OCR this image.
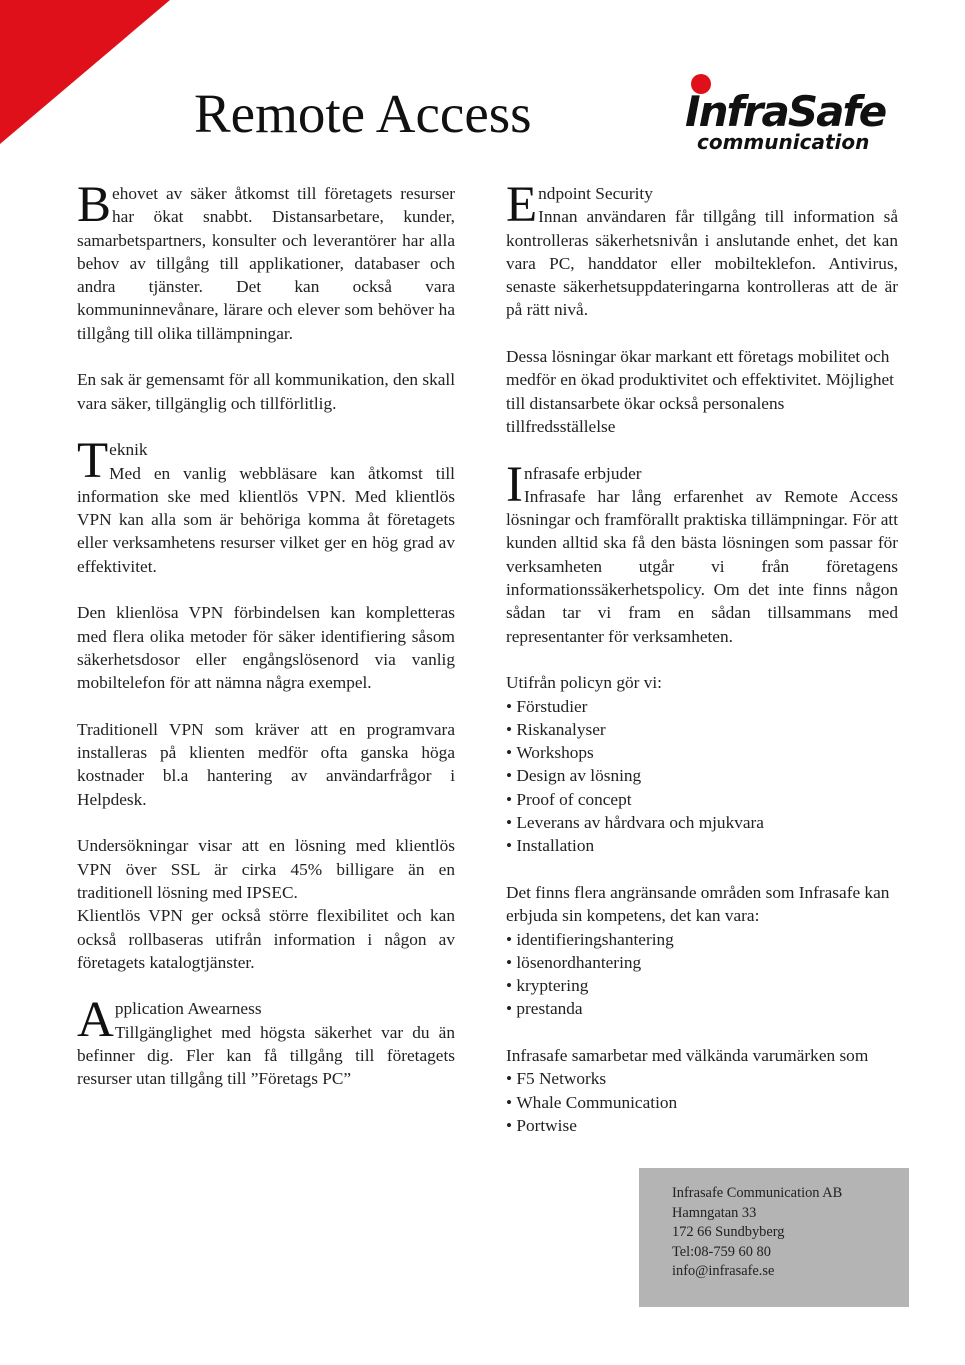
Remote Access	InfraSafe
communication
Behovet av säker åtkomst till företagets resurser har ökat snabbt. Distansarbetare, kunder, samarbetspartners, konsulter och leverantörer har alla behov av tillgång till applikationer, databaser och andra tjänster. Det kan också vara kommuninnevånare, lärare och elever som behöver ha tillgång till olika tillämpningar.
En sak är gemensamt för all kommunikation, den skall vara säker, tillgänglig och tillförlitlig.
Teknik
Med en vanlig webbläsare kan åtkomst till information ske med klientlös VPN. Med klientlös VPN kan alla som är behöriga komma åt företagets eller verksamhetens resurser vilket ger en hög grad av effektivitet.
Den klienlösa VPN förbindelsen kan kompletteras med flera olika metoder för säker identifiering såsom säkerhetsdosor eller engångslösenord via vanlig mobiltelefon för att nämna några exempel.
Traditionell VPN som kräver att en programvara installeras på klienten medför ofta ganska höga kostnader bl.a hantering av användarfrågor i Helpdesk.
Undersökningar visar att en lösning med klientlös VPN över SSL är cirka 45% billigare än en traditionell lösning med IPSEC.
Klientlös VPN ger också större flexibilitet och kan också rollbaseras utifrån information i någon av företagets katalogtjänster.
Application Awearness
Tillgänglighet med högsta säkerhet var du än befinner dig. Fler kan få tillgång till företagets resurser utan tillgång till ”Företags PC”
Endpoint Security
Innan användaren får tillgång till information så kontrolleras säkerhetsnivån i anslutande enhet, det kan vara PC, handdator eller mobilteklefon. Antivirus, senaste säkerhetsuppdateringarna kontrolleras att de är på rätt nivå.
Dessa lösningar ökar markant ett företags mobilitet och medför en ökad produktivitet och effektivitet. Möjlighet till distansarbete ökar också personalens tillfredsställelse
Infrasafe erbjuder
Infrasafe har lång erfarenhet av Remote Access lösningar och framförallt praktiska tillämpningar. För att kunden alltid ska få den bästa lösningen som passar för verksamheten utgår vi från företagens informationssäkerhetspolicy. Om det inte finns någon sådan tar vi fram en sådan tillsammans med representanter för verksamheten.
Utifrån policyn gör vi:
• Förstudier
• Riskanalyser
• Workshops
• Design av lösning
• Proof of concept
• Leverans av hårdvara och mjukvara
• Installation
Det finns flera angränsande områden som Infrasafe kan erbjuda sin kompetens, det kan vara:
• identifieringshantering
• lösenordhantering
• kryptering
• prestanda
Infrasafe samarbetar med välkända varumärken som
• F5 Networks
• Whale Communication
• Portwise
Infrasafe Communication AB
Hamngatan 33
172 66 Sundbyberg
Tel:08-759 60 80
info@infrasafe.se
